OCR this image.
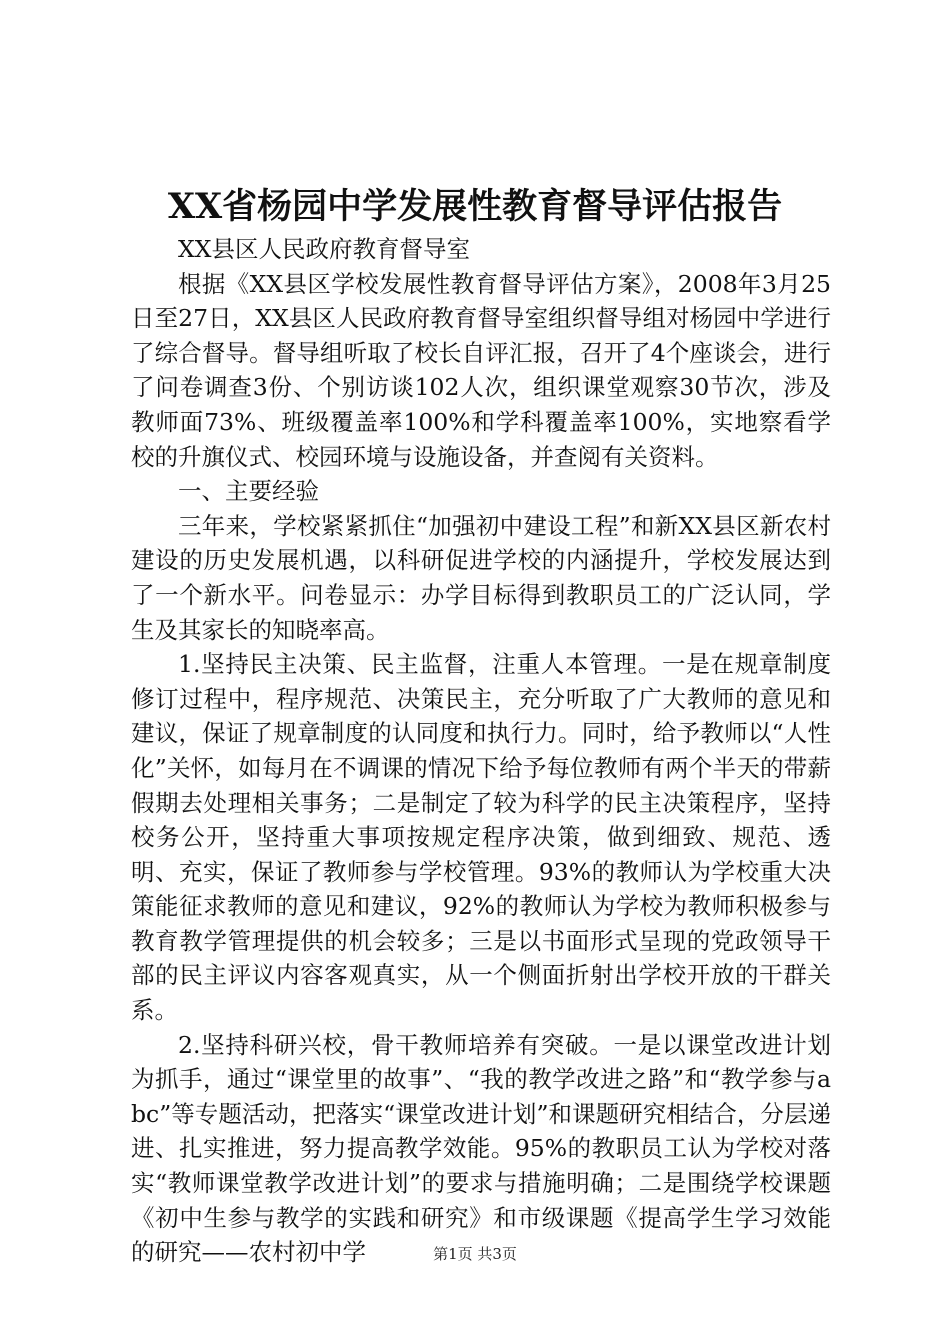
XX省杨园中学发展性教育督导评估报告

XX县区人民政府教育督导室

根据《XX县区学校发展性教育督导评估方案》，2008年3月25日至27日，XX县区人民政府教育督导室组织督导组对杨园中学进行了综合督导。督导组听取了校长自评汇报，召开了4个座谈会，进行了问卷调查3份、个别访谈102人次，组织课堂观察30节次，涉及教师面73%、班级覆盖率100%和学科覆盖率100%，实地察看学校的升旗仪式、校园环境与设施设备，并查阅有关资料。

一、主要经验

三年来，学校紧紧抓住“加强初中建设工程”和新XX县区新农村建设的历史发展机遇，以科研促进学校的内涵提升，学校发展达到了一个新水平。问卷显示：办学目标得到教职员工的广泛认同，学生及其家长的知晓率高。

1.坚持民主决策、民主监督，注重人本管理。一是在规章制度修订过程中，程序规范、决策民主，充分听取了广大教师的意见和建议，保证了规章制度的认同度和执行力。同时，给予教师以“人性化”关怀，如每月在不调课的情况下给予每位教师有两个半天的带薪假期去处理相关事务；二是制定了较为科学的民主决策程序，坚持校务公开，坚持重大事项按规定程序决策，做到细致、规范、透明、充实，保证了教师参与学校管理。93%的教师认为学校重大决策能征求教师的意见和建议，92%的教师认为学校为教师积极参与教育教学管理提供的机会较多；三是以书面形式呈现的党政领导干部的民主评议内容客观真实，从一个侧面折射出学校开放的干群关系。

2.坚持科研兴校，骨干教师培养有突破。一是以课堂改进计划为抓手，通过“课堂里的故事”、“我的教学改进之路”和“教学参与abc”等专题活动，把落实“课堂改进计划”和课题研究相结合，分层递进、扎实推进，努力提高教学效能。95%的教职员工认为学校对落实“教师课堂教学改进计划”的要求与措施明确；二是围绕学校课题《初中生参与教学的实践和研究》和市级课题《提高学生学习效能的研究——农村初中学	第1页 共3页
